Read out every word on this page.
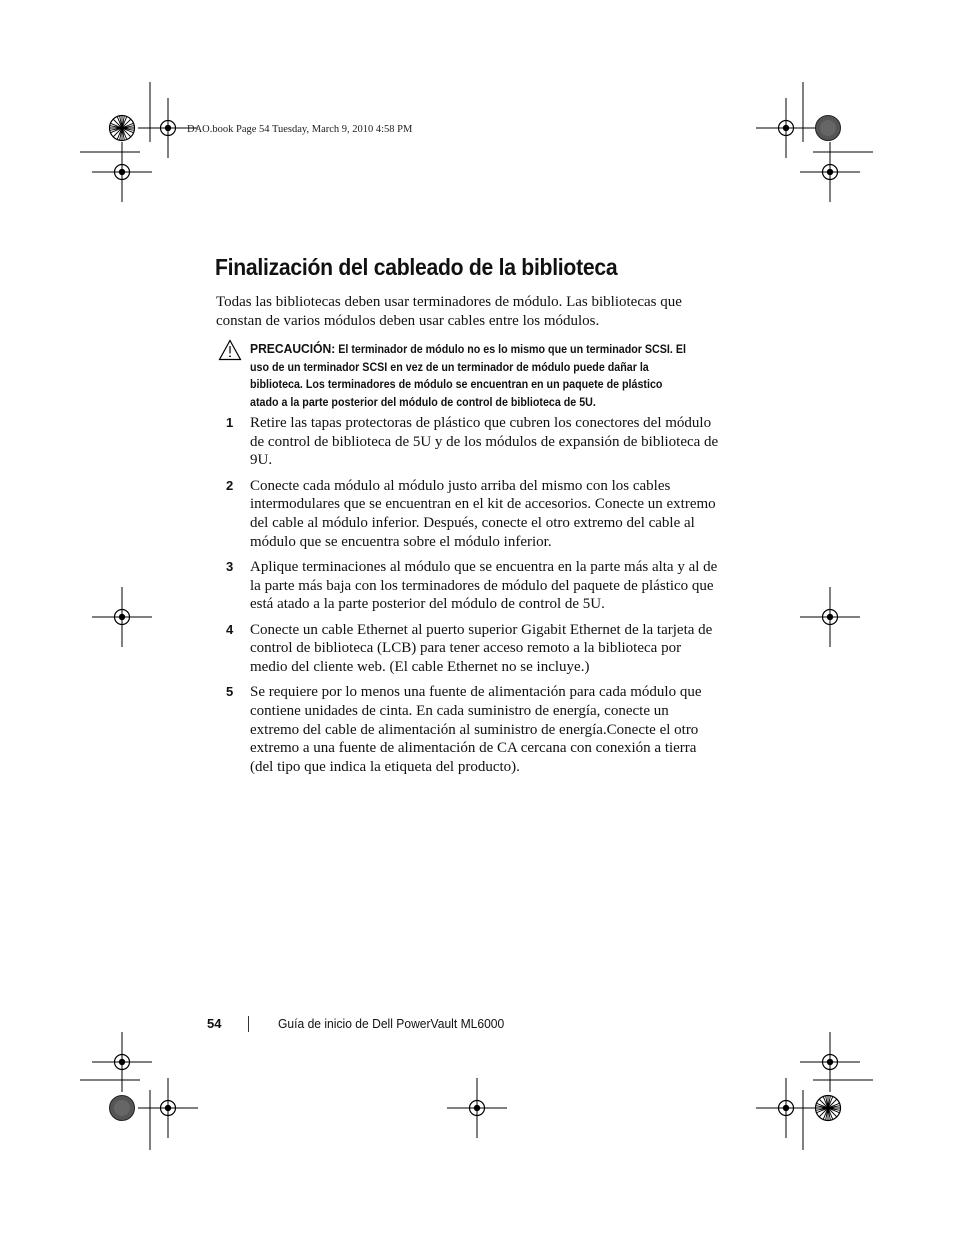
DAO.book Page 54 Tuesday, March 9, 2010 4:58 PM
Finalización del cableado de la biblioteca

Todas las bibliotecas deben usar terminadores de módulo. Las bibliotecas que constan de varios módulos deben usar cables entre los módulos.

PRECAUCIÓN: El terminador de módulo no es lo mismo que un terminador SCSI. El uso de un terminador SCSI en vez de un terminador de módulo puede dañar la biblioteca. Los terminadores de módulo se encuentran en un paquete de plástico atado a la parte posterior del módulo de control de biblioteca de 5U.

1 Retire las tapas protectoras de plástico que cubren los conectores del módulo de control de biblioteca de 5U y de los módulos de expansión de biblioteca de 9U.
2 Conecte cada módulo al módulo justo arriba del mismo con los cables intermodulares que se encuentran en el kit de accesorios. Conecte un extremo del cable al módulo inferior. Después, conecte el otro extremo del cable al módulo que se encuentra sobre el módulo inferior.
3 Aplique terminaciones al módulo que se encuentra en la parte más alta y al de la parte más baja con los terminadores de módulo del paquete de plástico que está atado a la parte posterior del módulo de control de 5U.
4 Conecte un cable Ethernet al puerto superior Gigabit Ethernet de la tarjeta de control de biblioteca (LCB) para tener acceso remoto a la biblioteca por medio del cliente web. (El cable Ethernet no se incluye.)
5 Se requiere por lo menos una fuente de alimentación para cada módulo que contiene unidades de cinta. En cada suministro de energía, conecte un extremo del cable de alimentación al suministro de energía.Conecte el otro extremo a una fuente de alimentación de CA cercana con conexión a tierra (del tipo que indica la etiqueta del producto).
54	Guía de inicio de Dell PowerVault ML6000
